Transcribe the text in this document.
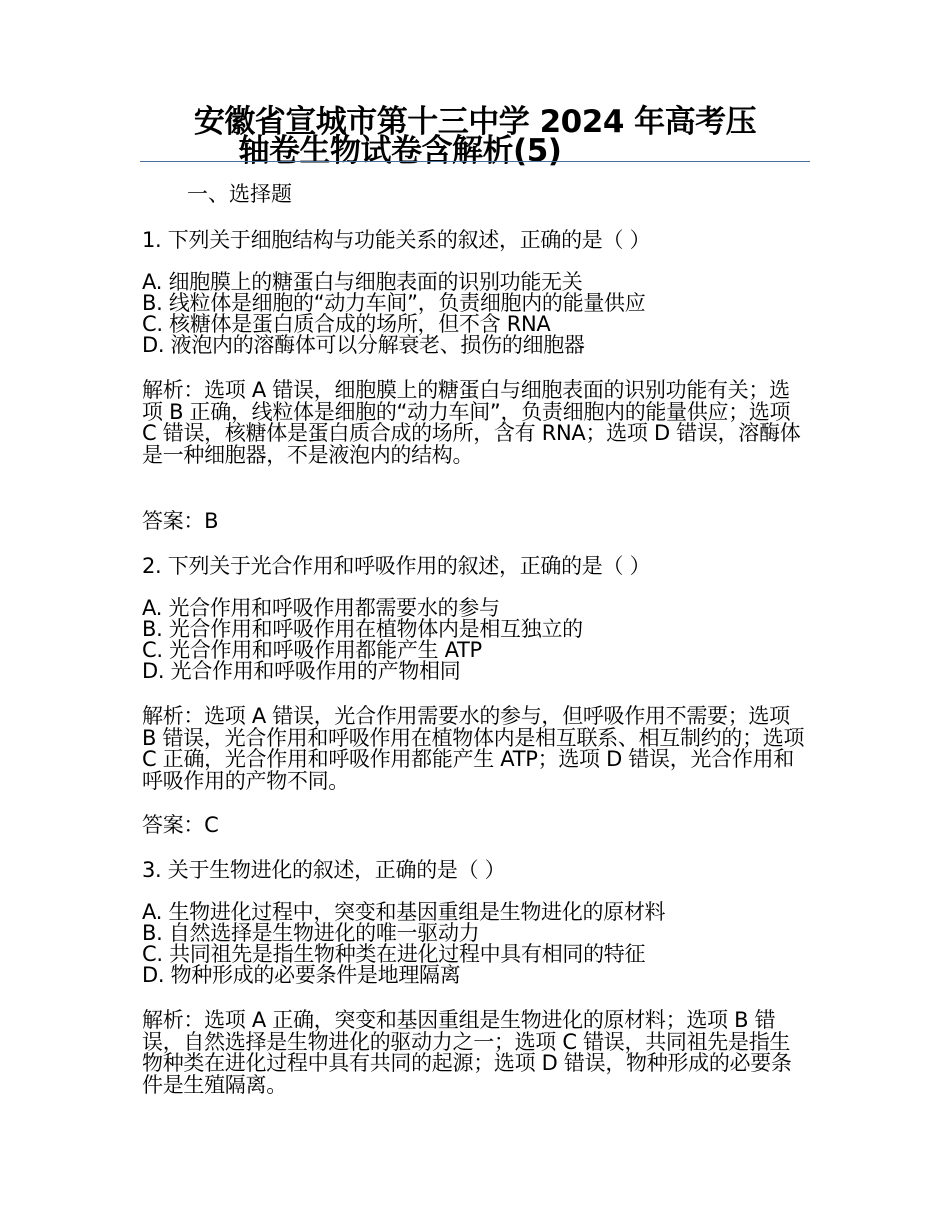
安徽省宣城市第十三中学 2024 年高考压
轴卷生物试卷含解析(5)
一、选择题
1. 下列关于细胞结构与功能关系的叙述，正确的是（ ）
A. 细胞膜上的糖蛋白与细胞表面的识别功能无关
B. 线粒体是细胞的“动力车间”，负责细胞内的能量供应
C. 核糖体是蛋白质合成的场所，但不含 RNA
D. 液泡内的溶酶体可以分解衰老、损伤的细胞器
解析：选项 A 错误，细胞膜上的糖蛋白与细胞表面的识别功能有关；选项 B 正确，线粒体是细胞的“动力车间”，负责细胞内的能量供应；选项 C 错误，核糖体是蛋白质合成的场所，含有 RNA；选项 D 错误，溶酶体是一种细胞器，不是液泡内的结构。
答案：B
2. 下列关于光合作用和呼吸作用的叙述，正确的是（ ）
A. 光合作用和呼吸作用都需要水的参与
B. 光合作用和呼吸作用在植物体内是相互独立的
C. 光合作用和呼吸作用都能产生 ATP
D. 光合作用和呼吸作用的产物相同
解析：选项 A 错误，光合作用需要水的参与，但呼吸作用不需要；选项 B 错误，光合作用和呼吸作用在植物体内是相互联系、相互制约的；选项 C 正确，光合作用和呼吸作用都能产生 ATP；选项 D 错误，光合作用和呼吸作用的产物不同。
答案：C
3. 关于生物进化的叙述，正确的是（ ）
A. 生物进化过程中，突变和基因重组是生物进化的原材料
B. 自然选择是生物进化的唯一驱动力
C. 共同祖先是指生物种类在进化过程中具有相同的特征
D. 物种形成的必要条件是地理隔离
解析：选项 A 正确，突变和基因重组是生物进化的原材料；选项 B 错误，自然选择是生物进化的驱动力之一；选项 C 错误，共同祖先是指生物种类在进化过程中具有共同的起源；选项 D 错误，物种形成的必要条件是生殖隔离。
